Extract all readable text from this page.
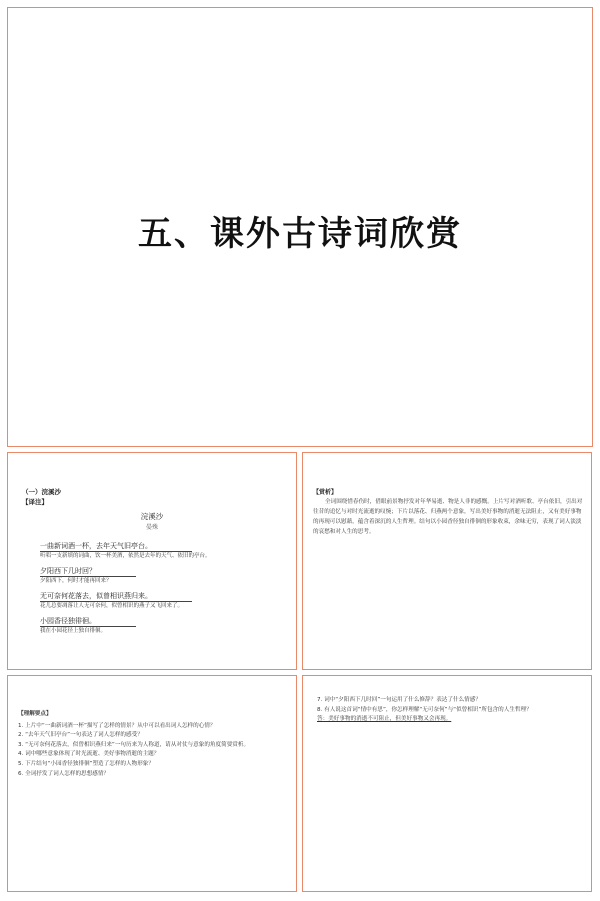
五、课外古诗词欣赏
（一）浣溪沙
【译注】
浣溪沙
晏殊
一曲新词酒一杯，去年天气旧亭台。
听唱一支新填的词曲，饮一杯美酒，依然是去年的天气、依旧的亭台。
夕阳西下几时回？
夕阳西下，何时才能再回来？
无可奈何花落去，似曾相识燕归来。
花儿总要凋落让人无可奈何，似曾相识的燕子又飞回来了。
小园香径独徘徊。
我在小园花径上独自徘徊。
【赏析】
全词围绕惜春伤时，借眼前景物抒发对年华易逝、物是人非的感慨。上片写对酒听歌、亭台依旧，引出对往昔的追忆与对时光流逝的叹惋；下片以落花、归燕两个意象，写出美好事物的消逝无法阻止，又有美好事物的再现可以慰藉，蕴含着深沉的人生哲理。结句以小园香径独自徘徊的形象收束，余味无穷，表现了词人淡淡的哀愁和对人生的思考。
【理解要点】
1. 上片中“一曲新词酒一杯”描写了怎样的情景？从中可以看出词人怎样的心情？
2. “去年天气旧亭台”一句表达了词人怎样的感受？
3. “无可奈何花落去，似曾相识燕归来”一句历来为人称道，请从对仗与意象的角度简要赏析。
4. 词中哪些意象体现了时光流逝、美好事物消逝的主题？
5. 下片结句“小园香径独徘徊”塑造了怎样的人物形象？
6. 全词抒发了词人怎样的思想感情？
7. 词中“夕阳西下几时回”一句运用了什么修辞？表达了什么情感？
8. 有人说这首词“情中有思”，你怎样理解“无可奈何”与“似曾相识”所包含的人生哲理？
答：美好事物的消逝不可阻止，但美好事物又会再现。
